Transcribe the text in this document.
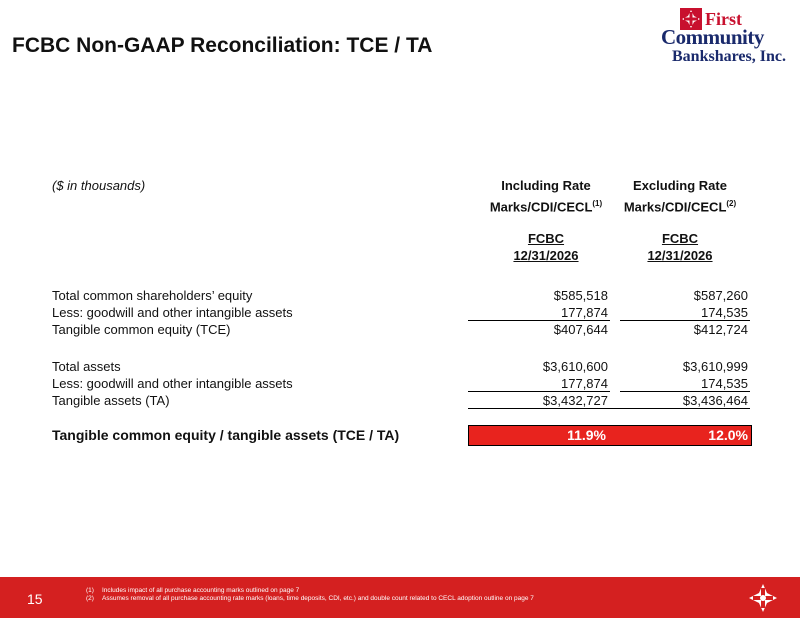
FCBC Non-GAAP Reconciliation: TCE / TA
First
Community
Bankshares, Inc.
($ in thousands)	Including Rate
Marks/CDI/CECL$^{(1)}$
FCBC
12/31/2026
Excluding Rate
Marks/CDI/CECL$^{(2)}$
FCBC
12/31/2026
Total common shareholders’ equity	$585,518	$587,260
Less: goodwill and other intangible assets	177,874	174,535
Tangible common equity (TCE)	$407,644	$412,724
Total assets	$3,610,600	$3,610,999
Less: goodwill and other intangible assets	177,874	174,535
Tangible assets (TA)	$3,432,727	$3,436,464
Tangible common equity / tangible assets (TCE / TA)	11.9%	12.0%
15
(1) Includes impact of all purchase accounting marks outlined on page 7
(2) Assumes removal of all purchase accounting rate marks (loans, time deposits, CDI, etc.) and double count related to CECL adoption outline on page 7
